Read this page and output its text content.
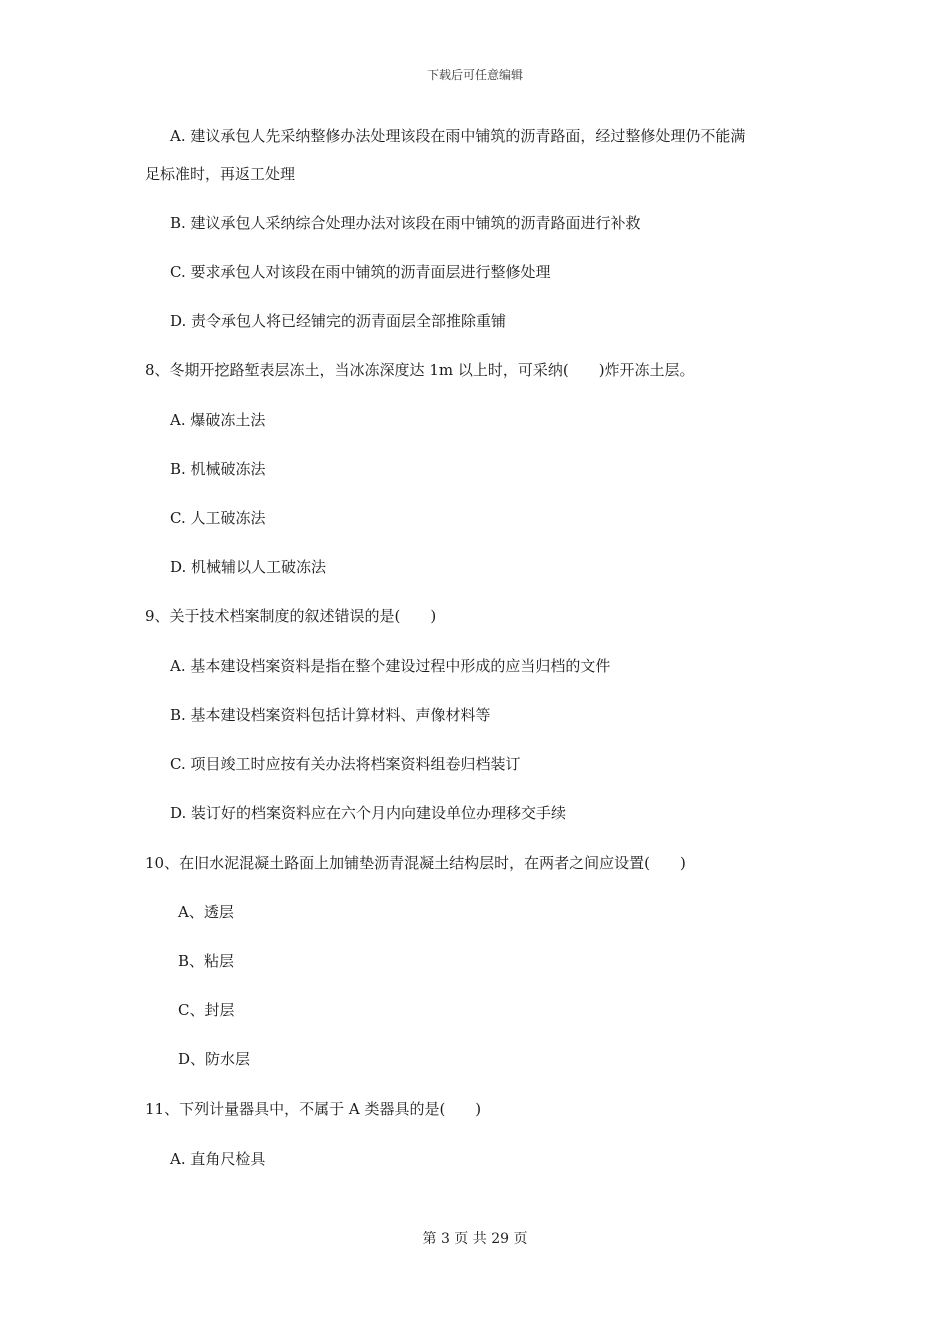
下载后可任意编辑
A. 建议承包人先采纳整修办法处理该段在雨中铺筑的沥青路面，经过整修处理仍不能满
足标准时，再返工处理
B. 建议承包人采纳综合处理办法对该段在雨中铺筑的沥青路面进行补救
C. 要求承包人对该段在雨中铺筑的沥青面层进行整修处理
D. 责令承包人将已经铺完的沥青面层全部推除重铺
8、冬期开挖路堑表层冻土，当冰冻深度达 1m 以上时，可采纳(　　)炸开冻土层。
A. 爆破冻土法
B. 机械破冻法
C. 人工破冻法
D. 机械辅以人工破冻法
9、关于技术档案制度的叙述错误的是(　　)
A. 基本建设档案资料是指在整个建设过程中形成的应当归档的文件
B. 基本建设档案资料包括计算材料、声像材料等
C. 项目竣工时应按有关办法将档案资料组卷归档装订
D. 装订好的档案资料应在六个月内向建设单位办理移交手续
10、在旧水泥混凝土路面上加铺垫沥青混凝土结构层时，在两者之间应设置(　　)
A、透层
B、粘层
C、封层
D、防水层
11、下列计量器具中，不属于 A 类器具的是(　　)
A. 直角尺检具
第 3 页 共 29 页
